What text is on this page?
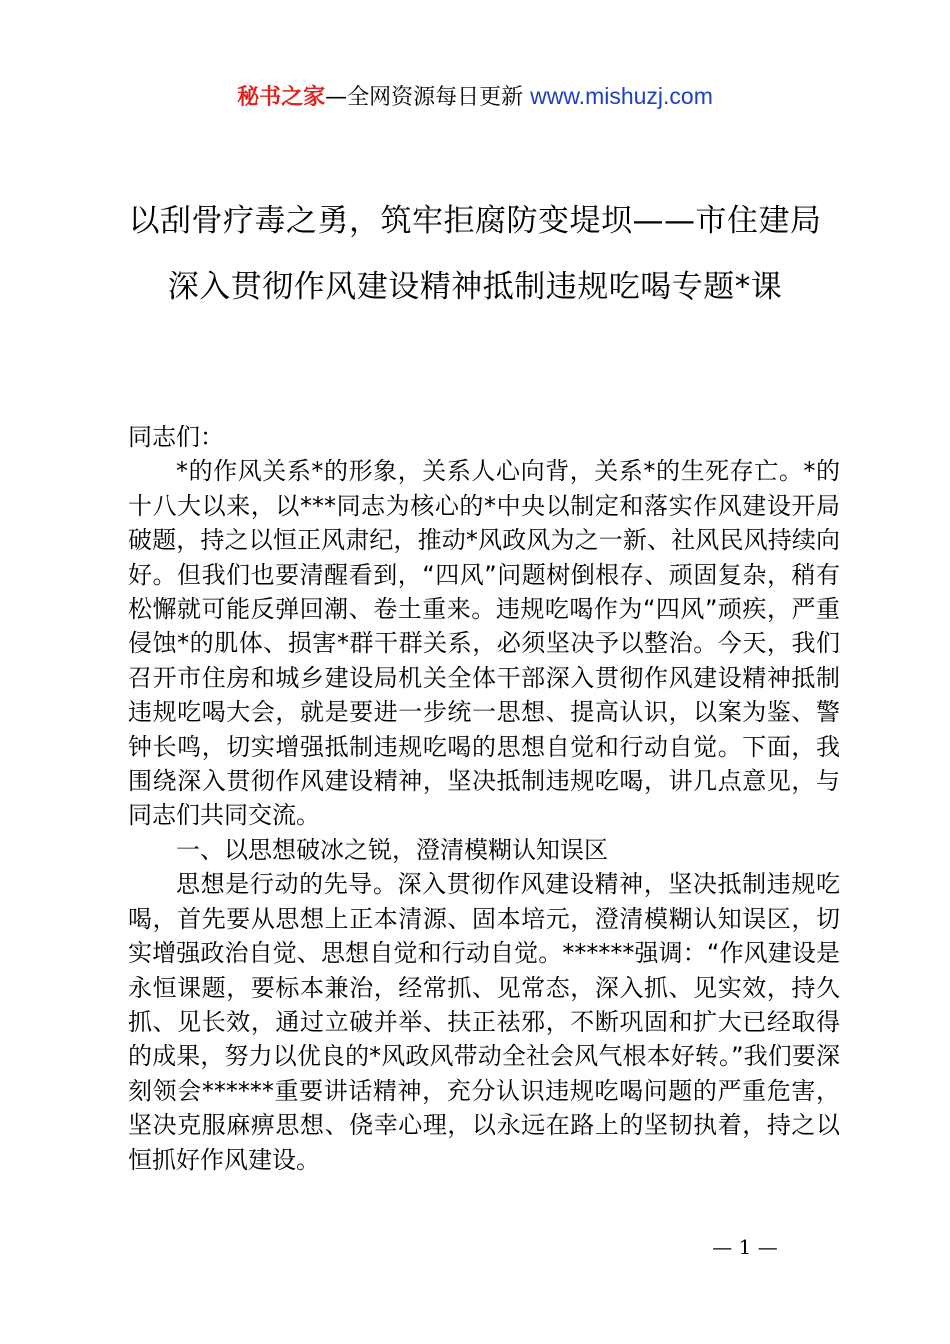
秘书之家—全网资源每日更新 www.mishuzj.com
以刮骨疗毒之勇，筑牢拒腐防变堤坝——市住建局深入贯彻作风建设精神抵制违规吃喝专题*课

同志们：

*的作风关系*的形象，关系人心向背，关系*的生死存亡。*的十八大以来，以***同志为核心的*中央以制定和落实作风建设开局破题，持之以恒正风肃纪，推动*风政风为之一新、社风民风持续向好。但我们也要清醒看到，“四风”问题树倒根存、顽固复杂，稍有松懈就可能反弹回潮、卷土重来。违规吃喝作为“四风”顽疾，严重侵蚀*的肌体、损害*群干群关系，必须坚决予以整治。今天，我们召开市住房和城乡建设局机关全体干部深入贯彻作风建设精神抵制违规吃喝大会，就是要进一步统一思想、提高认识，以案为鉴、警钟长鸣，切实增强抵制违规吃喝的思想自觉和行动自觉。下面，我围绕深入贯彻作风建设精神，坚决抵制违规吃喝，讲几点意见，与同志们共同交流。

一、以思想破冰之锐，澄清模糊认知误区

思想是行动的先导。深入贯彻作风建设精神，坚决抵制违规吃喝，首先要从思想上正本清源、固本培元，澄清模糊认知误区，切实增强政治自觉、思想自觉和行动自觉。******强调：“作风建设是永恒课题，要标本兼治，经常抓、见常态，深入抓、见实效，持久抓、见长效，通过立破并举、扶正祛邪，不断巩固和扩大已经取得的成果，努力以优良的*风政风带动全社会风气根本好转。”我们要深刻领会******重要讲话精神，充分认识违规吃喝问题的严重危害，坚决克服麻痹思想、侥幸心理，以永远在路上的坚韧执着，持之以恒抓好作风建设。

— 1 —
